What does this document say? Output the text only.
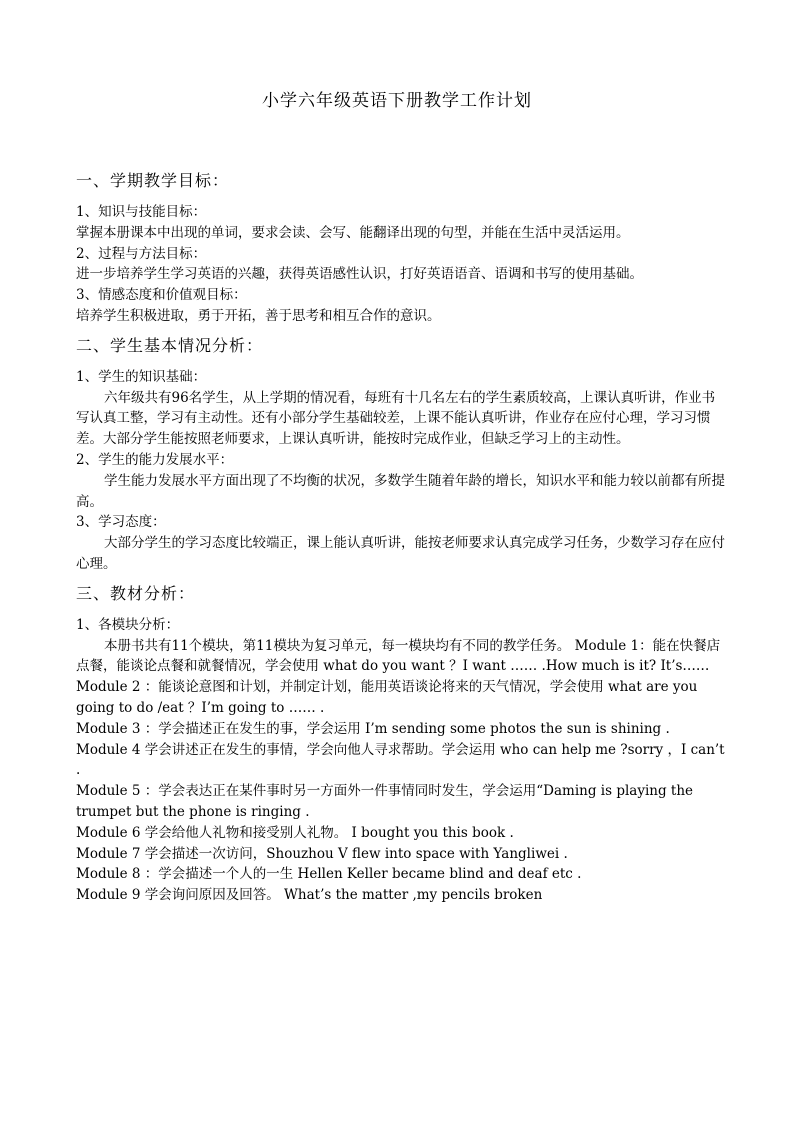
小学六年级英语下册教学工作计划
一、学期教学目标：

1、知识与技能目标：

掌握本册课本中出现的单词，要求会读、会写、能翻译出现的句型，并能在生活中灵活运用。

2、过程与方法目标：

进一步培养学生学习英语的兴趣，获得英语感性认识，打好英语语音、语调和书写的使用基础。

3、情感态度和价值观目标：

培养学生积极进取，勇于开拓，善于思考和相互合作的意识。

二、学生基本情况分析：

1、学生的知识基础：

六年级共有96名学生，从上学期的情况看，每班有十几名左右的学生素质较高，上课认真听讲，作业书写认真工整，学习有主动性。还有小部分学生基础较差，上课不能认真听讲，作业存在应付心理，学习习惯差。大部分学生能按照老师要求，上课认真听讲，能按时完成作业，但缺乏学习上的主动性。

2、学生的能力发展水平：

学生能力发展水平方面出现了不均衡的状况，多数学生随着年龄的增长，知识水平和能力较以前都有所提高。

3、学习态度：

大部分学生的学习态度比较端正，课上能认真听讲，能按老师要求认真完成学习任务，少数学习存在应付心理。

三、教材分析：

1、各模块分析：

本册书共有11个模块，第11模块为复习单元，每一模块均有不同的教学任务。 Module 1：能在快餐店点餐，能谈论点餐和就餐情况，学会使用 what do you want ？I want …… .How much is it? It’s……

Module 2 ：能谈论意图和计划，并制定计划，能用英语谈论将来的天气情况，学会使用 what are you going to do /eat ？I’m going to …… .

Module 3 ：学会描述正在发生的事，学会运用 I’m sending some photos the sun is shining .

Module 4 学会讲述正在发生的事情，学会向他人寻求帮助。学会运用 who can help me ?sorry ，I can’t .

Module 5 ：学会表达正在某件事时另一方面外一件事情同时发生，学会运用“Daming is playing the trumpet but the phone is ringing .

Module 6 学会给他人礼物和接受别人礼物。 I bought you this book .

Module 7 学会描述一次访问，Shouzhou V flew into space with Yangliwei .

Module 8 ：学会描述一个人的一生 Hellen Keller became blind and deaf etc .

Module 9 学会询问原因及回答。 What’s the matter ,my pencils broken
